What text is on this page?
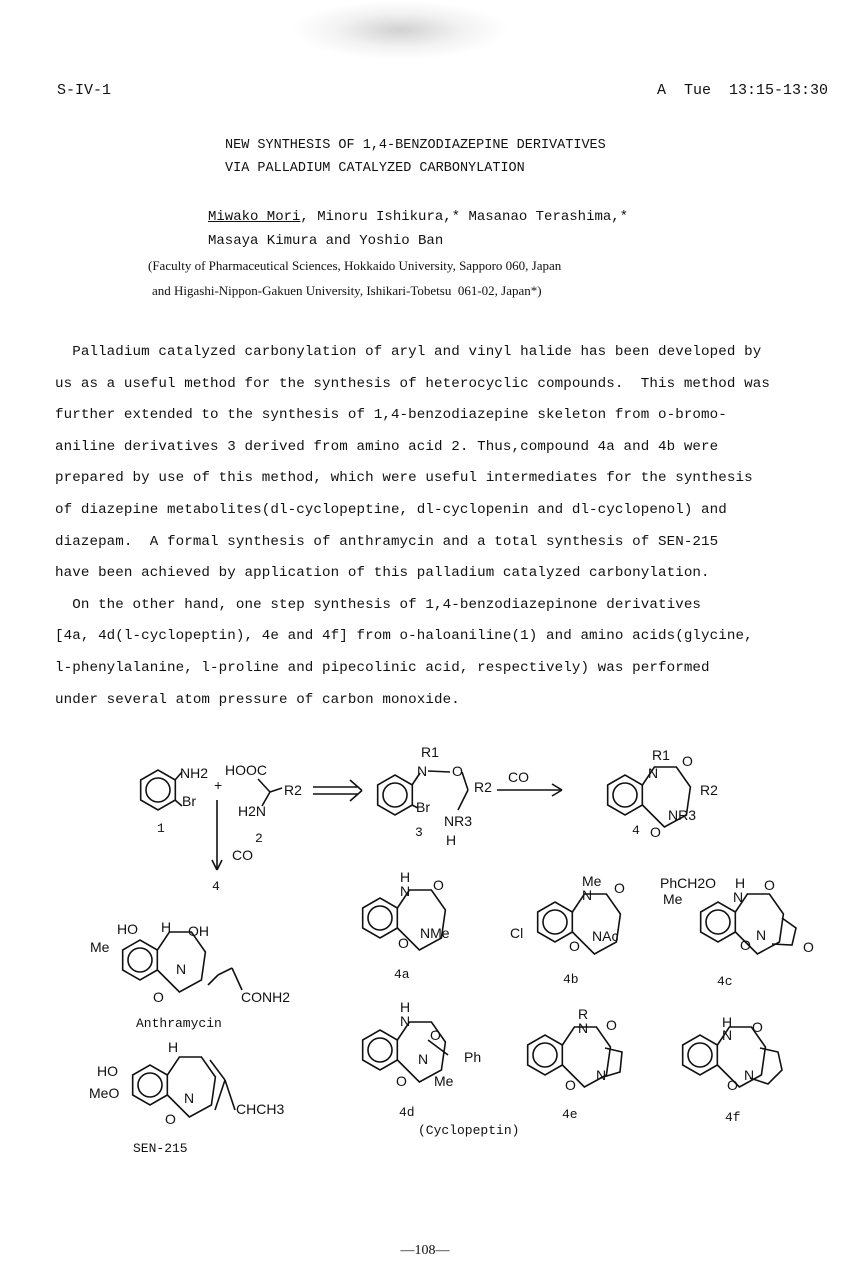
S-IV-1	A  Tue  13:15-13:30
NEW SYNTHESIS OF 1,4-BENZODIAZEPINE DERIVATIVES
VIA PALLADIUM CATALYZED CARBONYLATION
Miwako Mori, Minoru Ishikura,* Masanao Terashima,*
Masaya Kimura and Yoshio Ban
(Faculty of Pharmaceutical Sciences, Hokkaido University, Sapporo 060, Japan
and Higashi-Nippon-Gakuen University, Ishikari-Tobetsu  061-02, Japan*)
Palladium catalyzed carbonylation of aryl and vinyl halide has been developed by
us as a useful method for the synthesis of heterocyclic compounds.  This method was
further extended to the synthesis of 1,4-benzodiazepine skeleton from o-bromo-
aniline derivatives 3 derived from amino acid 2. Thus,compound 4a and 4b were
prepared by use of this method, which were useful intermediates for the synthesis
of diazepine metabolites(dl-cyclopeptine, dl-cyclopenin and dl-cyclopenol) and
diazepam.  A formal synthesis of anthramycin and a total synthesis of SEN-215
have been achieved by application of this palladium catalyzed carbonylation.
On the other hand, one step synthesis of 1,4-benzodiazepinone derivatives
[4a, 4d(l-cyclopeptin), 4e and 4f] from o-haloaniline(1) and amino acids(glycine,
l-phenylalanine, l-proline and pipecolinic acid, respectively) was performed
under several atom pressure of carbon monoxide.
NH2
Br
1
+
HOOC
R2
H2N
2
R1
N O
R2
Br
NR3
H
3
CO
R1
N
O
R2
NR3
O
4
CO
4
HO
Me
H OH
N
O	CONH2
Anthramycin
HO
MeO
H
N
O
CHCH3
SEN-215
H
N O
O
NMe
4a
Me
N O
Cl
O
NAc
4b
PhCH2O
Me
H
N
O
O
N
O
4c
H
N
O
O
N
Me
Ph
4d
(Cyclopeptin)
R
N O
O
N
4e
H
N O
O
N
4f
—108—
